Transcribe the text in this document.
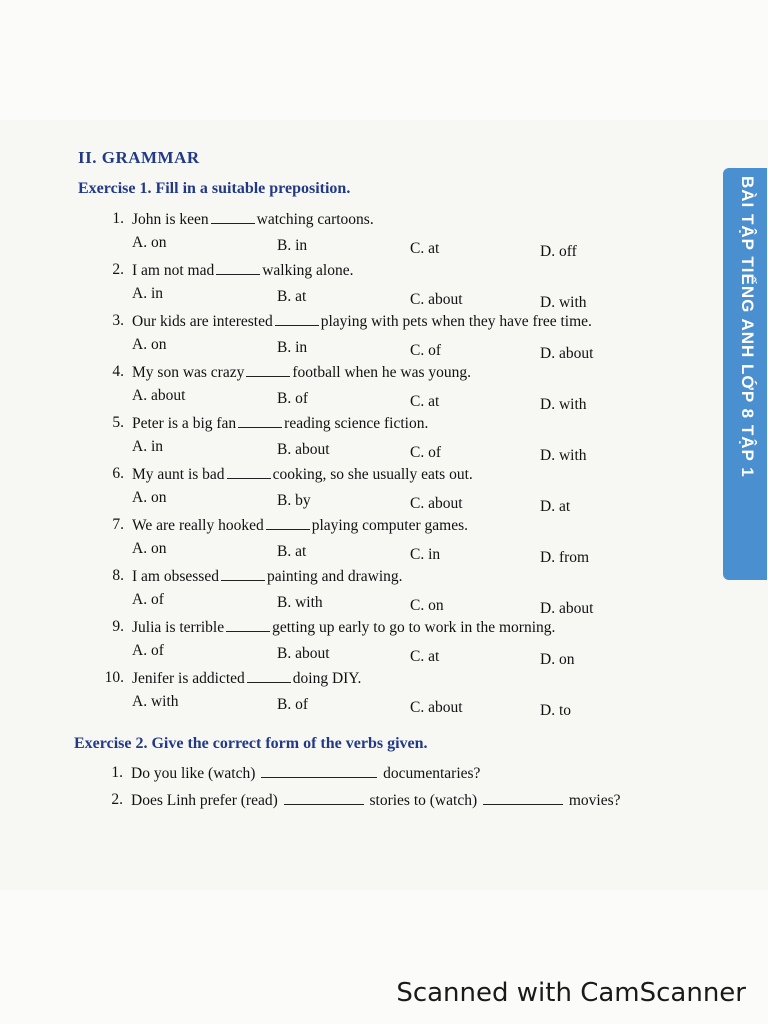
II. GRAMMAR
Exercise 1. Fill in a suitable preposition.
1. John is keen	watching cartoons.
A. on	B. in	C. at	D. off
2. I am not mad	walking alone.
A. in	B. at	C. about	D. with
3. Our kids are interested	playing with pets when they have free time.
A. on	B. in	C. of	D. about
4. My son was crazy	football when he was young.
A. about	B. of	C. at	D. with
5. Peter is a big fan	reading science fiction.
A. in	B. about	C. of	D. with
6. My aunt is bad	cooking, so she usually eats out.
A. on	B. by	C. about	D. at
7. We are really hooked	playing computer games.
A. on	B. at	C. in	D. from
8. I am obsessed	painting and drawing.
A. of	B. with	C. on	D. about
9. Julia is terrible	getting up early to go to work in the morning.
A. of	B. about	C. at	D. on
10. Jenifer is addicted	doing DIY.
A. with	B. of	C. about	D. to
Exercise 2. Give the correct form of the verbs given.
1. Do you like (watch)	documentaries?
2. Does Linh prefer (read)	stories to (watch)	movies?
BÀI TẬP TIẾNG ANH LỚP 8 TẬP 1
Scanned with CamScanner
